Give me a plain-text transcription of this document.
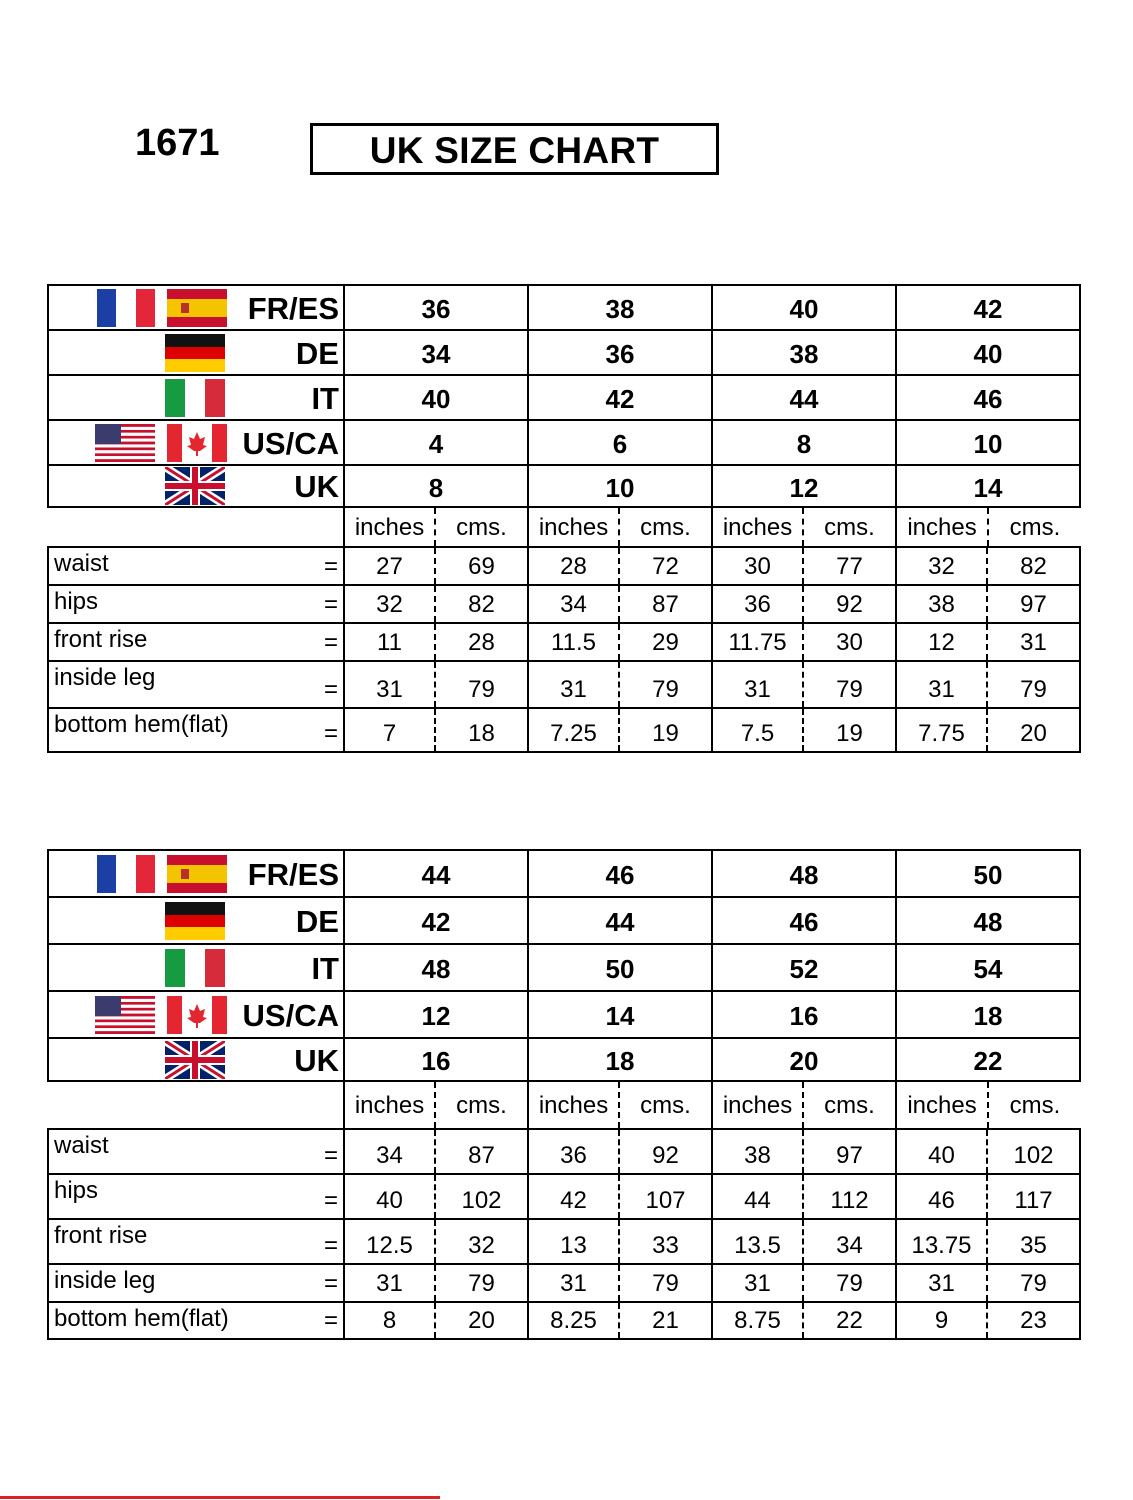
1671	UK SIZE CHART
FR/ES	36	38	40	42
DE	34	36	38	40
IT	40	42	44	46
US/CA	4	6	8	10
UK	8	10	12	14
inches	cms.	inches	cms.	inches	cms.	inches	cms.
waist	=	27	69	28	72	30	77	32	82
hips	=	32	82	34	87	36	92	38	97
front rise	=	11	28	11.5	29	11.75	30	12	31
inside leg	=	31	79	31	79	31	79	31	79
bottom hem(flat)	=	7	18	7.25	19	7.5	19	7.75	20
FR/ES	44	46	48	50
DE	42	44	46	48
IT	48	50	52	54
US/CA	12	14	16	18
UK	16	18	20	22
inches	cms.	inches	cms.	inches	cms.	inches	cms.
waist	=	34	87	36	92	38	97	40	102
hips	=	40	102	42	107	44	112	46	117
front rise	=	12.5	32	13	33	13.5	34	13.75	35
inside leg	=	31	79	31	79	31	79	31	79
bottom hem(flat)	=	8	20	8.25	21	8.75	22	9	23
